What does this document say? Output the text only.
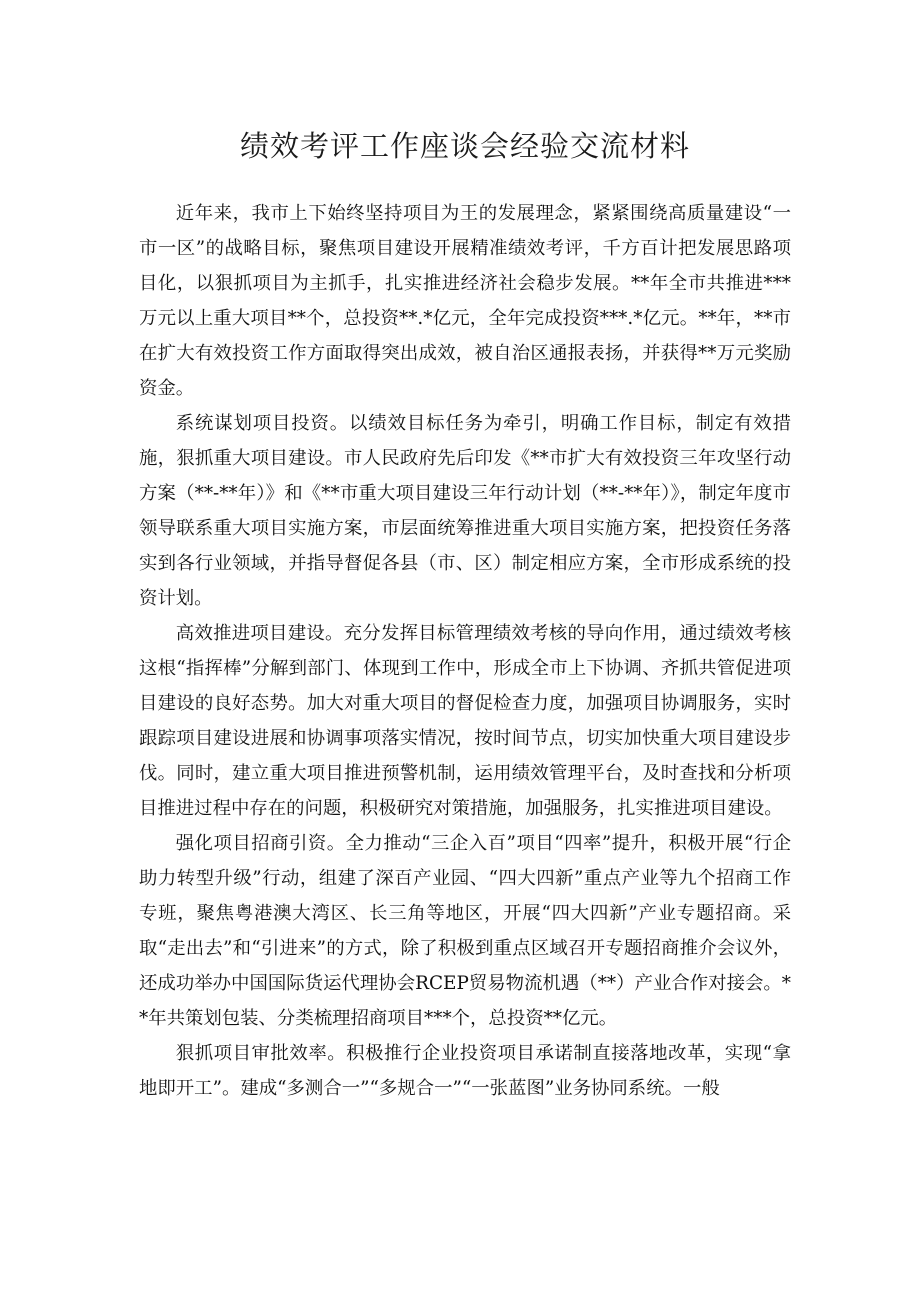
绩效考评工作座谈会经验交流材料

近年来，我市上下始终坚持项目为王的发展理念，紧紧围绕高质量建设“一市一区”的战略目标，聚焦项目建设开展精准绩效考评，千方百计把发展思路项目化，以狠抓项目为主抓手，扎实推进经济社会稳步发展。**年全市共推进***万元以上重大项目**个，总投资**.*亿元，全年完成投资***.*亿元。**年，**市在扩大有效投资工作方面取得突出成效，被自治区通报表扬，并获得**万元奖励资金。

系统谋划项目投资。以绩效目标任务为牵引，明确工作目标，制定有效措施，狠抓重大项目建设。市人民政府先后印发《**市扩大有效投资三年攻坚行动方案（**-**年）》和《**市重大项目建设三年行动计划（**-**年）》，制定年度市领导联系重大项目实施方案，市层面统筹推进重大项目实施方案，把投资任务落实到各行业领域，并指导督促各县（市、区）制定相应方案，全市形成系统的投资计划。

高效推进项目建设。充分发挥目标管理绩效考核的导向作用，通过绩效考核这根“指挥棒”分解到部门、体现到工作中，形成全市上下协调、齐抓共管促进项目建设的良好态势。加大对重大项目的督促检查力度，加强项目协调服务，实时跟踪项目建设进展和协调事项落实情况，按时间节点，切实加快重大项目建设步伐。同时，建立重大项目推进预警机制，运用绩效管理平台，及时查找和分析项目推进过程中存在的问题，积极研究对策措施，加强服务，扎实推进项目建设。

强化项目招商引资。全力推动“三企入百”项目“四率”提升，积极开展“行企助力转型升级”行动，组建了深百产业园、“四大四新”重点产业等九个招商工作专班，聚焦粤港澳大湾区、长三角等地区，开展“四大四新”产业专题招商。采取“走出去”和“引进来”的方式，除了积极到重点区域召开专题招商推介会议外，还成功举办中国国际货运代理协会RCEP贸易物流机遇（**）产业合作对接会。**年共策划包装、分类梳理招商项目***个，总投资**亿元。

狠抓项目审批效率。积极推行企业投资项目承诺制直接落地改革，实现“拿地即开工”。建成“多测合一”“多规合一”“一张蓝图”业务协同系统。一般
